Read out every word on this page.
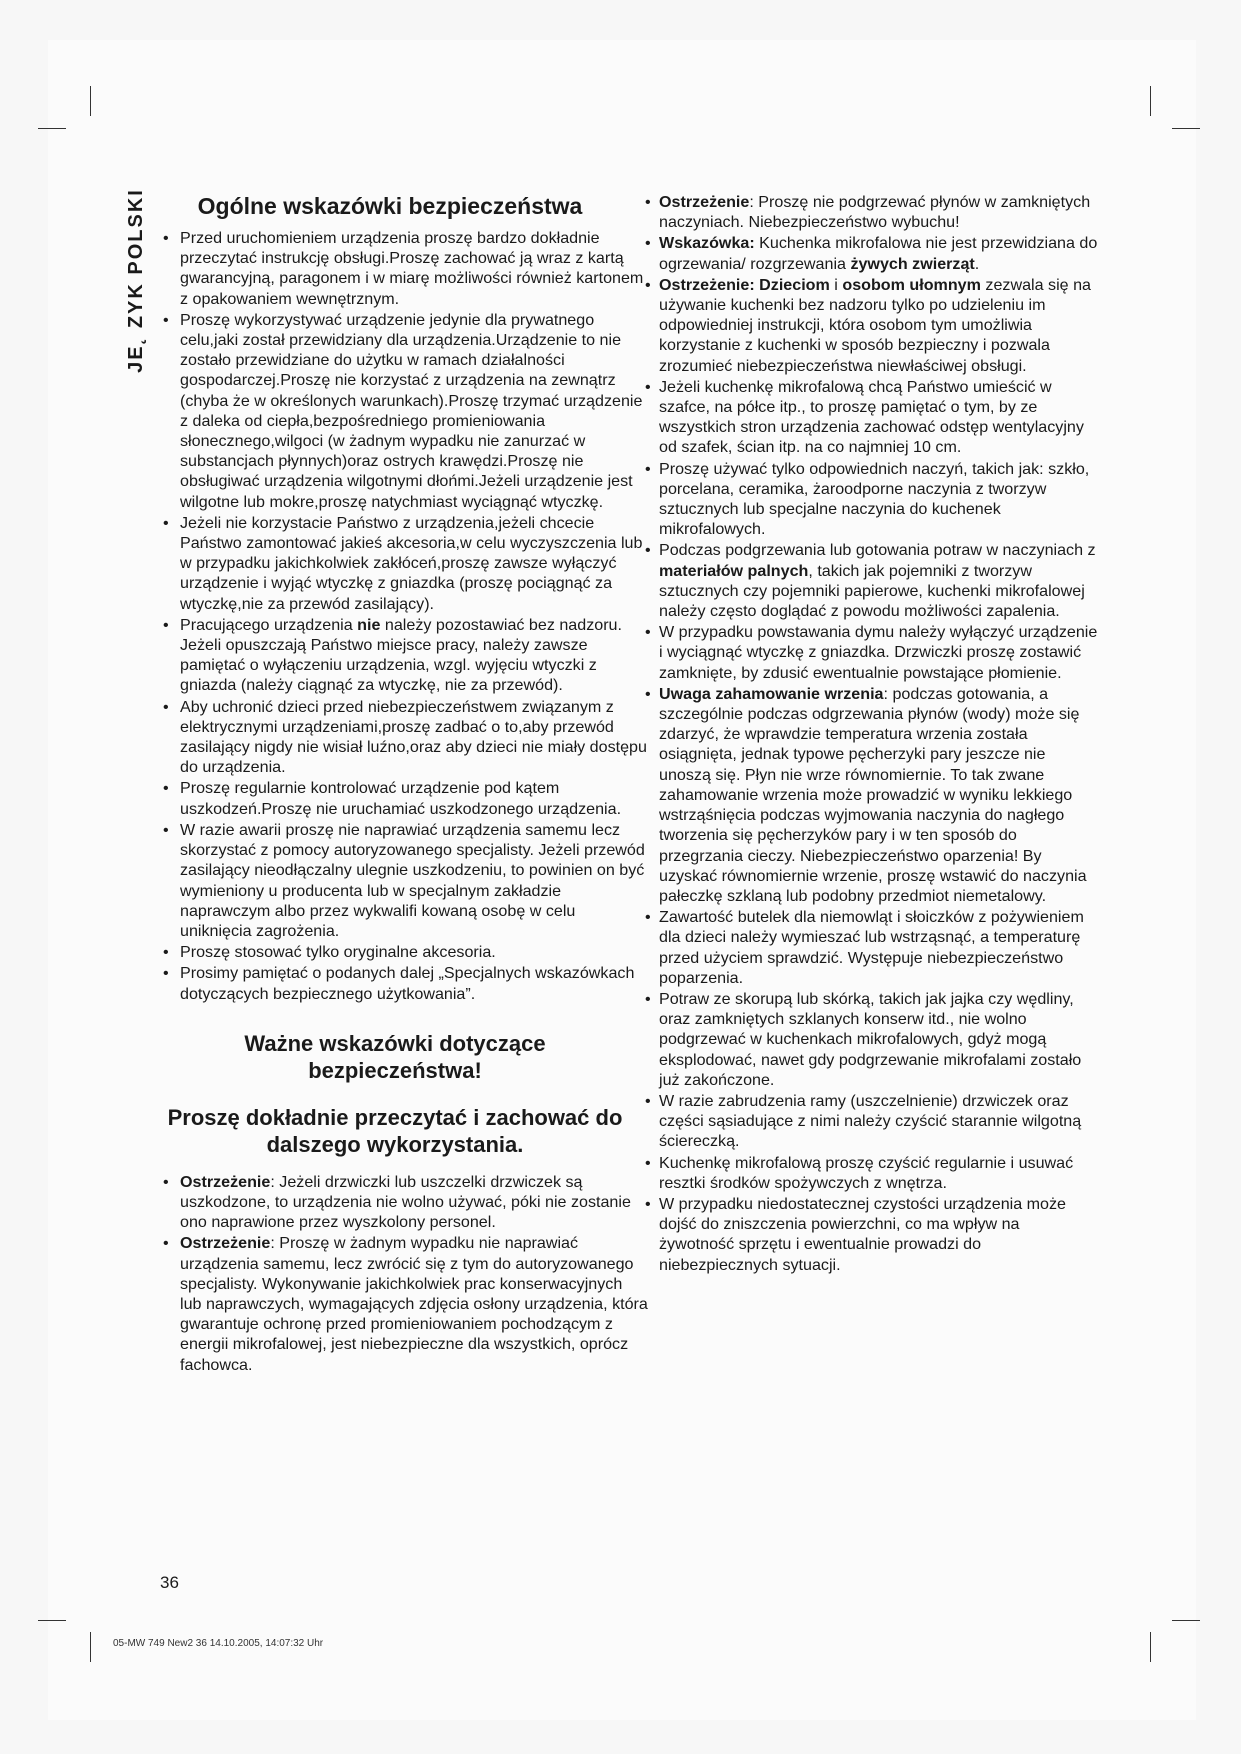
JE˛ ZYK POLSKI	Ogólne wskazówki bezpieczeństwa
• Przed uruchomieniem urządzenia proszę bardzo dokładnie przeczytać instrukcję obsługi.Proszę zachować ją wraz z kartą gwarancyjną, paragonem i w miarę możliwości również kartonem z opakowaniem wewnętrznym.
• Proszę wykorzystywać urządzenie jedynie dla prywatnego celu,jaki został przewidziany dla urządzenia.Urządzenie to nie zostało przewidziane do użytku w ramach działalności gospodarczej.Proszę nie korzystać z urządzenia na zewnątrz (chyba że w określonych warunkach).Proszę trzymać urządzenie z daleka od ciepła,bezpośredniego promieniowania słonecznego,wilgoci (w żadnym wypadku nie zanurzać w substancjach płynnych)oraz ostrych krawędzi.Proszę nie obsługiwać urządzenia wilgotnymi dłońmi.Jeżeli urządzenie jest wilgotne lub mokre,proszę natychmiast wyciągnąć wtyczkę.
• Jeżeli nie korzystacie Państwo z urządzenia,jeżeli chcecie Państwo zamontować jakieś akcesoria,w celu wyczyszczenia lub w przypadku jakichkolwiek zakłóceń,proszę zawsze wyłączyć urządzenie i wyjąć wtyczkę z gniazdka (proszę pociągnąć za wtyczkę,nie za przewód zasilający).
• Pracującego urządzenia nie należy pozostawiać bez nadzoru. Jeżeli opuszczają Państwo miejsce pracy, należy zawsze pamiętać o wyłączeniu urządzenia, wzgl. wyjęciu wtyczki z gniazda (należy ciągnąć za wtyczkę, nie za przewód).
• Aby uchronić dzieci przed niebezpieczeństwem związanym z elektrycznymi urządzeniami,proszę zadbać o to,aby przewód zasilający nigdy nie wisiał luźno,oraz aby dzieci nie miały dostępu do urządzenia.
• Proszę regularnie kontrolować urządzenie pod kątem uszkodzeń.Proszę nie uruchamiać uszkodzonego urządzenia.
• W razie awarii proszę nie naprawiać urządzenia samemu lecz skorzystać z pomocy autoryzowanego specjalisty. Jeżeli przewód zasilający nieodłączalny ulegnie uszkodzeniu, to powinien on być wymieniony u producenta lub w specjalnym zakładzie naprawczym albo przez wykwalifi kowaną osobę w celu uniknięcia zagrożenia.
• Proszę stosować tylko oryginalne akcesoria.
• Prosimy pamiętać o podanych dalej „Specjalnych wskazówkach dotyczących bezpiecznego użytkowania”.
Ważne wskazówki dotyczące bezpieczeństwa!
Proszę dokładnie przeczytać i zachować do dalszego wykorzystania.
• Ostrzeżenie: Jeżeli drzwiczki lub uszczelki drzwiczek są uszkodzone, to urządzenia nie wolno używać, póki nie zostanie ono naprawione przez wyszkolony personel.
• Ostrzeżenie: Proszę w żadnym wypadku nie naprawiać urządzenia samemu, lecz zwrócić się z tym do autoryzowanego specjalisty. Wykonywanie jakichkolwiek prac konserwacyjnych lub naprawczych, wymagających zdjęcia osłony urządzenia, która gwarantuje ochronę przed promieniowaniem pochodzącym z energii mikrofalowej, jest niebezpieczne dla wszystkich, oprócz fachowca.
• Ostrzeżenie: Proszę nie podgrzewać płynów w zamkniętych naczyniach. Niebezpieczeństwo wybuchu!
• Wskazówka: Kuchenka mikrofalowa nie jest przewidziana do ogrzewania/ rozgrzewania żywych zwierząt.
• Ostrzeżenie: Dzieciom i osobom ułomnym zezwala się na używanie kuchenki bez nadzoru tylko po udzieleniu im odpowiedniej instrukcji, która osobom tym umożliwia korzystanie z kuchenki w sposób bezpieczny i pozwala zrozumieć niebezpieczeństwa niewłaściwej obsługi.
• Jeżeli kuchenkę mikrofalową chcą Państwo umieścić w szafce, na półce itp., to proszę pamiętać o tym, by ze wszystkich stron urządzenia zachować odstęp wentylacyjny od szafek, ścian itp. na co najmniej 10 cm.
• Proszę używać tylko odpowiednich naczyń, takich jak: szkło, porcelana, ceramika, żaroodporne naczynia z tworzyw sztucznych lub specjalne naczynia do kuchenek mikrofalowych.
• Podczas podgrzewania lub gotowania potraw w naczyniach z materiałów palnych, takich jak pojemniki z tworzyw sztucznych czy pojemniki papierowe, kuchenki mikrofalowej należy często doglądać z powodu możliwości zapalenia.
• W przypadku powstawania dymu należy wyłączyć urządzenie i wyciągnąć wtyczkę z gniazdka. Drzwiczki proszę zostawić zamknięte, by zdusić ewentualnie powstające płomienie.
• Uwaga zahamowanie wrzenia: podczas gotowania, a szczególnie podczas odgrzewania płynów (wody) może się zdarzyć, że wprawdzie temperatura wrzenia została osiągnięta, jednak typowe pęcherzyki pary jeszcze nie unoszą się. Płyn nie wrze równomiernie. To tak zwane zahamowanie wrzenia może prowadzić w wyniku lekkiego wstrząśnięcia podczas wyjmowania naczynia do nagłego tworzenia się pęcherzyków pary i w ten sposób do przegrzania cieczy. Niebezpieczeństwo oparzenia! By uzyskać równomiernie wrzenie, proszę wstawić do naczynia pałeczkę szklaną lub podobny przedmiot niemetalowy.
• Zawartość butelek dla niemowląt i słoiczków z pożywieniem dla dzieci należy wymieszać lub wstrząsnąć, a temperaturę przed użyciem sprawdzić. Występuje niebezpieczeństwo poparzenia.
• Potraw ze skorupą lub skórką, takich jak jajka czy wędliny, oraz zamkniętych szklanych konserw itd., nie wolno podgrzewać w kuchenkach mikrofalowych, gdyż mogą eksplodować, nawet gdy podgrzewanie mikrofalami zostało już zakończone.
• W razie zabrudzenia ramy (uszczelnienie) drzwiczek oraz części sąsiadujące z nimi należy czyścić starannie wilgotną ściereczką.
• Kuchenkę mikrofalową proszę czyścić regularnie i usuwać resztki środków spożywczych z wnętrza.
• W przypadku niedostatecznej czystości urządzenia może dojść do zniszczenia powierzchni, co ma wpływ na żywotność sprzętu i ewentualnie prowadzi do niebezpiecznych sytuacji.
36
05-MW 749 New2 36 14.10.2005, 14:07:32 Uhr
